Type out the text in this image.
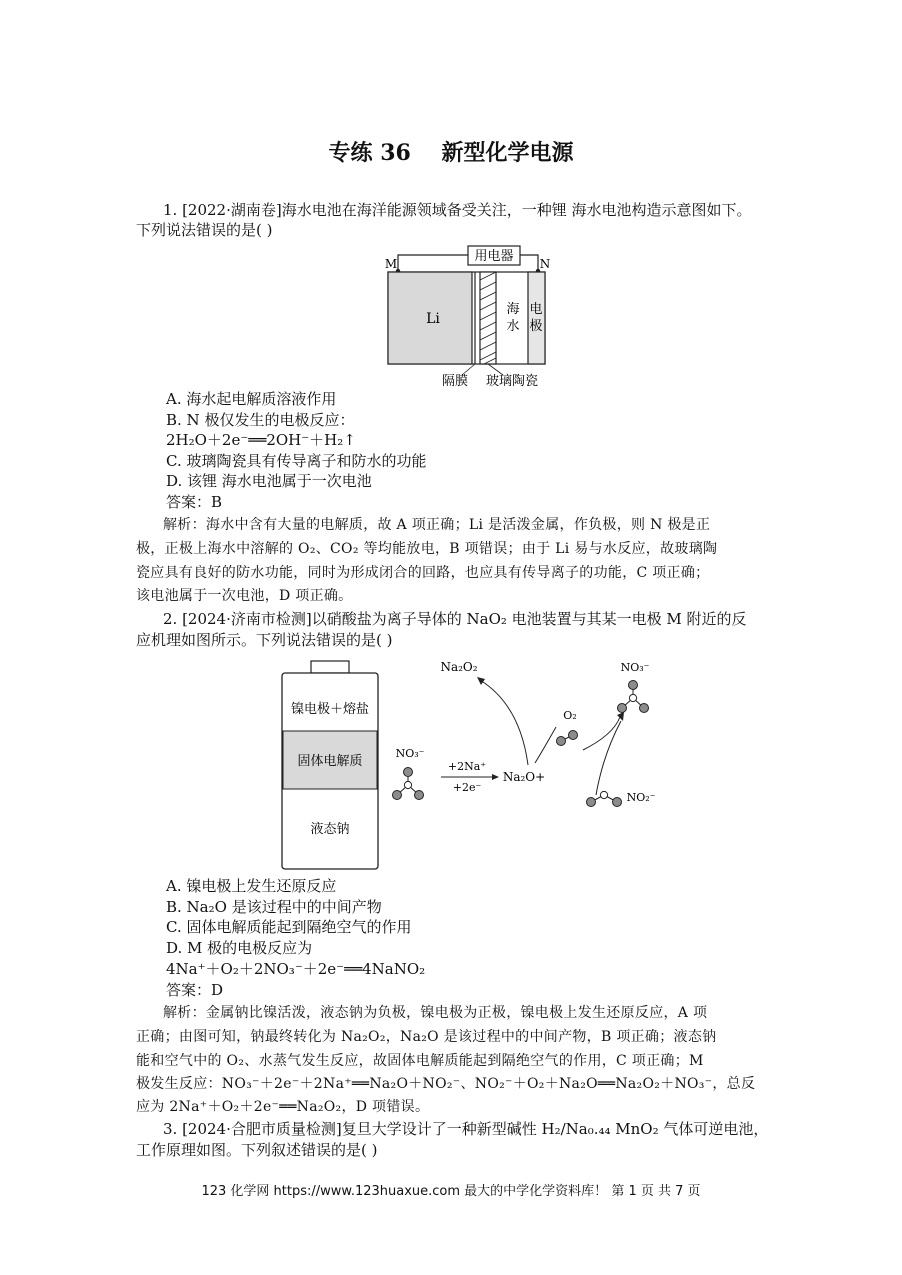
专练 36    新型化学电源
1. [2022·湖南卷]海水电池在海洋能源领域备受关注，一种锂 海水电池构造示意图如下。
下列说法错误的是( )
用电器
M	N
Li
海
水
电
极
隔膜 玻璃陶瓷
A. 海水起电解质溶液作用
B. N 极仅发生的电极反应：
2H₂O＋2e⁻══2OH⁻＋H₂↑
C. 玻璃陶瓷具有传导离子和防水的功能
D. 该锂 海水电池属于一次电池
答案：B
解析：海水中含有大量的电解质，故 A 项正确；Li 是活泼金属，作负极，则 N 极是正
极，正极上海水中溶解的 O₂、CO₂ 等均能放电，B 项错误；由于 Li 易与水反应，故玻璃陶
瓷应具有良好的防水功能，同时为形成闭合的回路，也应具有传导离子的功能，C 项正确；
该电池属于一次电池，D 项正确。
2. [2024·济南市检测]以硝酸盐为离子导体的 NaO₂ 电池装置与其某一电极 M 附近的反
应机理如图所示。下列说法错误的是( )
镍电极＋熔盐
固体电解质
液态钠
NO₃⁻
+2Na⁺
+2e⁻
Na₂O+
Na₂O₂
O₂
NO₃⁻
NO₂⁻
A. 镍电极上发生还原反应
B. Na₂O 是该过程中的中间产物
C. 固体电解质能起到隔绝空气的作用
D. M 极的电极反应为
4Na⁺＋O₂＋2NO₃⁻＋2e⁻══4NaNO₂
答案：D
解析：金属钠比镍活泼，液态钠为负极，镍电极为正极，镍电极上发生还原反应，A 项
正确；由图可知，钠最终转化为 Na₂O₂，Na₂O 是该过程中的中间产物，B 项正确；液态钠
能和空气中的 O₂、水蒸气发生反应，故固体电解质能起到隔绝空气的作用，C 项正确；M
极发生反应：NO₃⁻＋2e⁻＋2Na⁺══Na₂O＋NO₂⁻、NO₂⁻＋O₂＋Na₂O══Na₂O₂＋NO₃⁻，总反
应为 2Na⁺＋O₂＋2e⁻══Na₂O₂，D 项错误。
3. [2024·合肥市质量检测]复旦大学设计了一种新型碱性 H₂/Na₀.₄₄ MnO₂ 气体可逆电池，
工作原理如图。下列叙述错误的是( )
123 化学网 https://www.123huaxue.com 最大的中学化学资料库！ 第 1 页 共 7 页
